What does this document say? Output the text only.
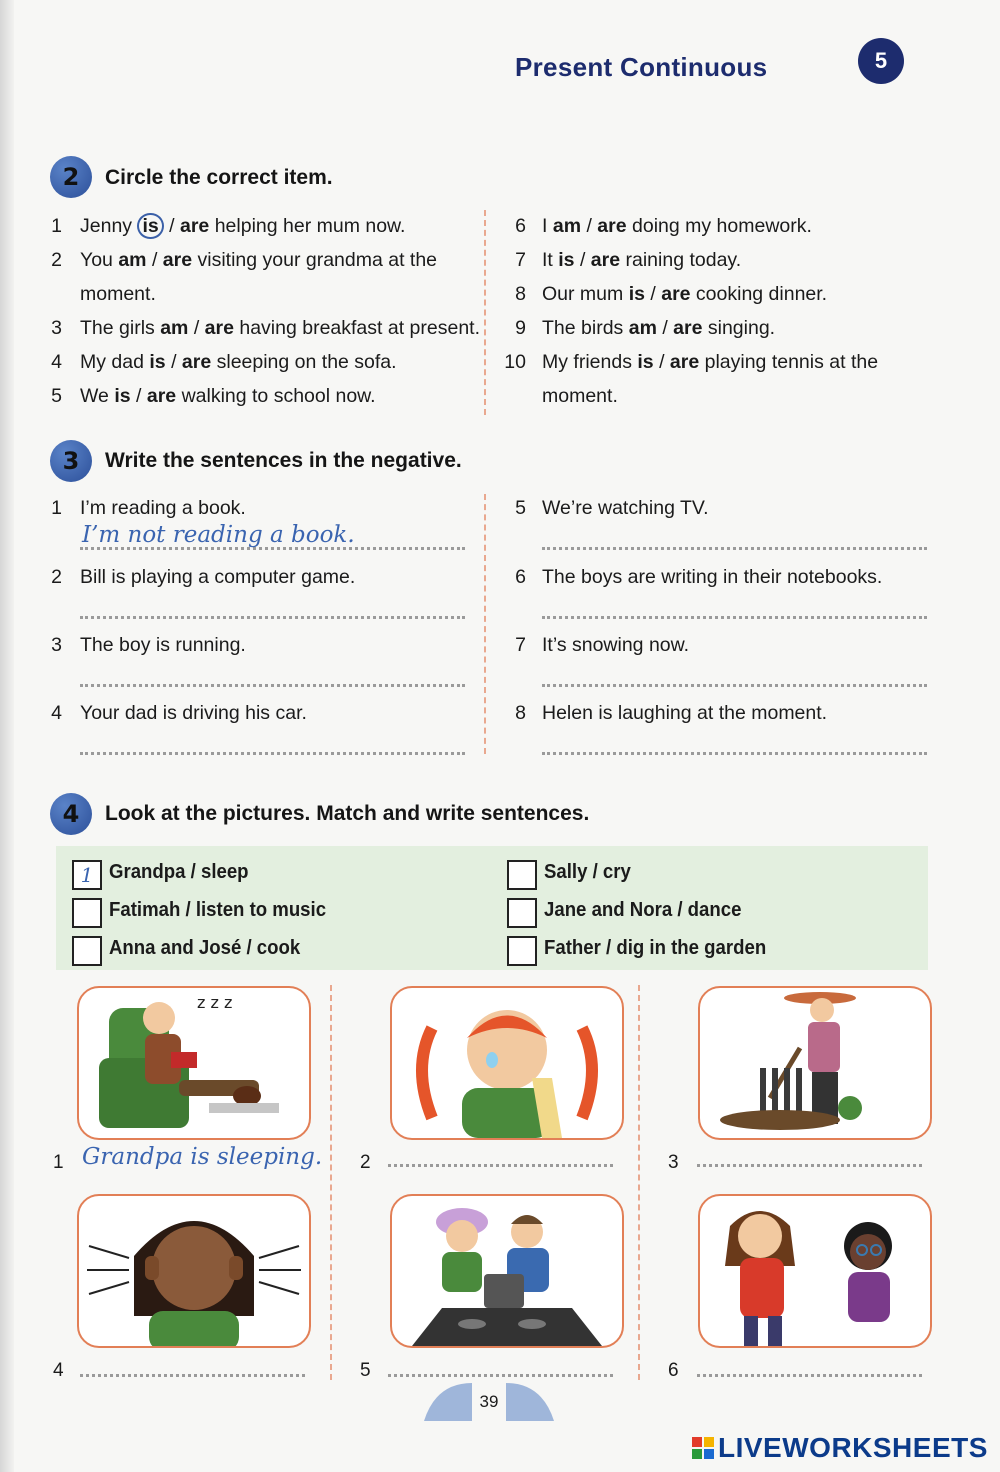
Present Continuous	5
2	Circle the correct item.
1 Jenny is / are helping her mum now.
2 You am / are visiting your grandma at the
moment.
3 The girls am / are having breakfast at present.
4 My dad is / are sleeping on the sofa.
5 We is / are walking to school now.
6 I am / are doing my homework.
7 It is / are raining today.
8 Our mum is / are cooking dinner.
9 The birds am / are singing.
10 My friends is / are playing tennis at the
moment.
3	Write the sentences in the negative.
1 I’m reading a book.
I’m not reading a book.
2 Bill is playing a computer game.
3 The boy is running.
4 Your dad is driving his car.
5 We’re watching TV.
6 The boys are writing in their notebooks.
7 It’s snowing now.
8 Helen is laughing at the moment.
4	Look at the pictures. Match and write sentences.
1 Grandpa / sleep
Fatimah / listen to music
Anna and José / cook
Sally / cry
Jane and Nora / dance
Father / dig in the garden
z z z
1 Grandpa is sleeping. 2	3
4	5	6
39
LIVEWORKSHEETS
